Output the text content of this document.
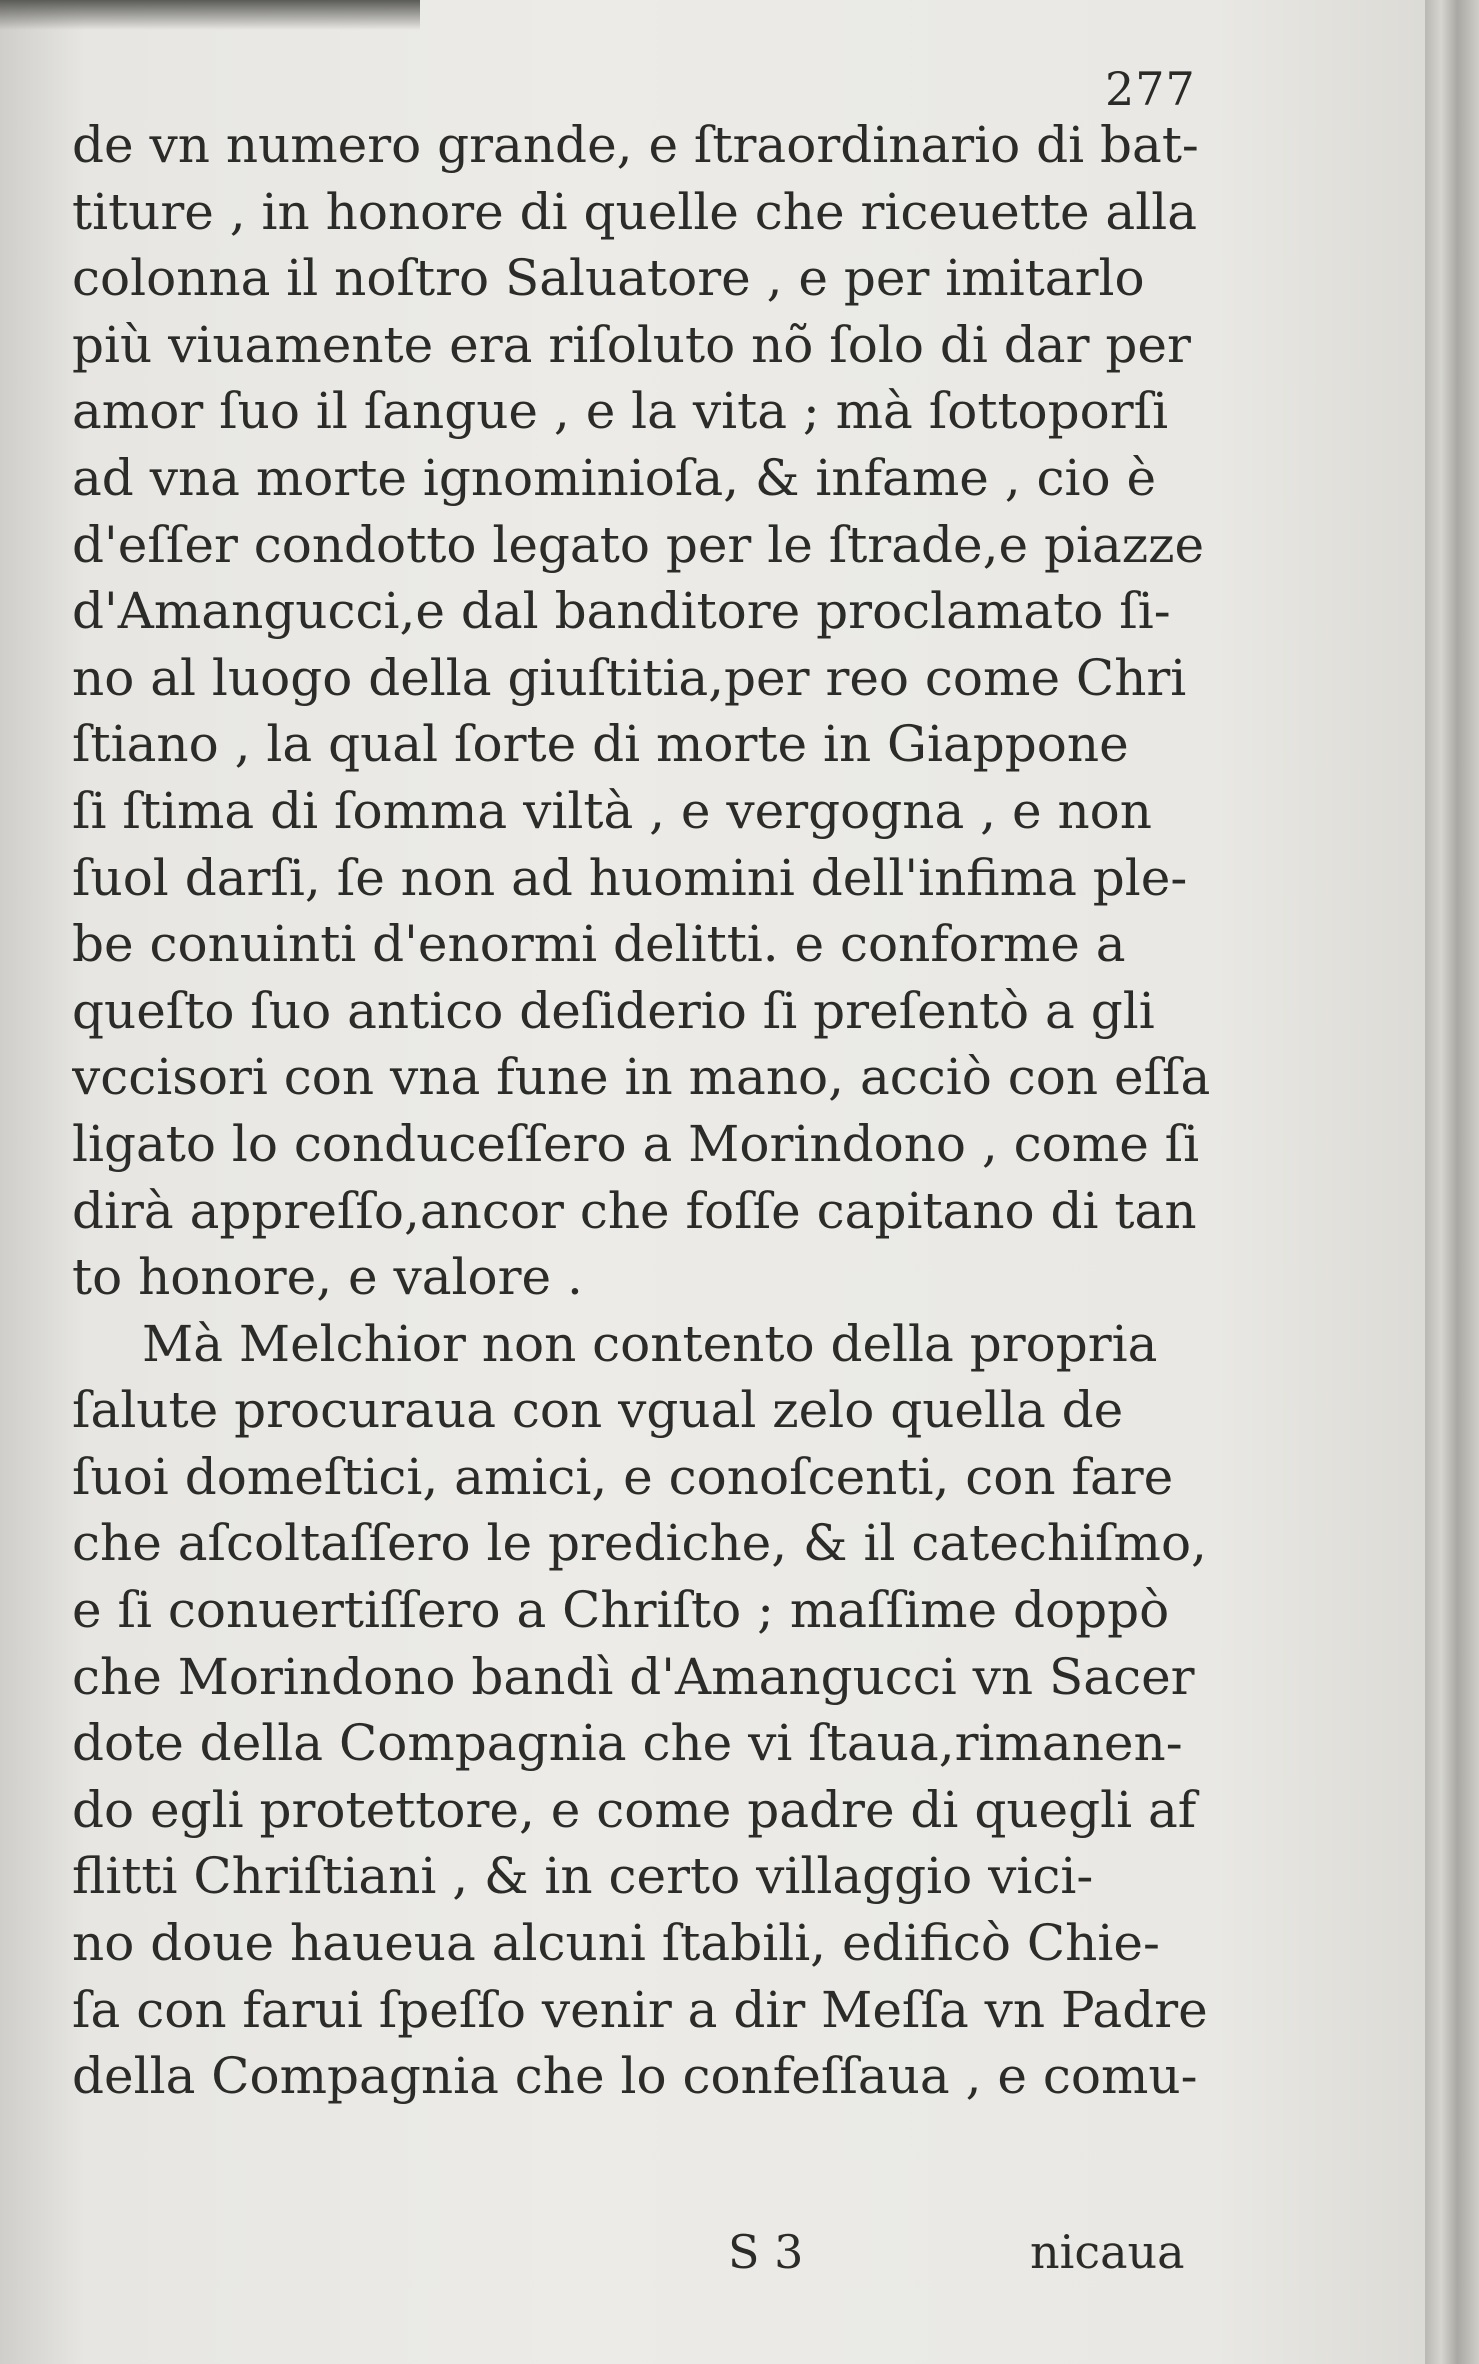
277
de vn numero grande, e ſtraordinario di bat-
titure , in honore di quelle che riceuette alla
colonna il noſtro Saluatore , e per imitarlo
più viuamente era riſoluto nõ ſolo di dar per
amor ſuo il ſangue , e la vita ; mà ſottoporſi
ad vna morte ignominioſa, & infame , cio è
d'eſſer condotto legato per le ſtrade,e piazze
d'Amangucci,e dal banditore proclamato ſi-
no al luogo della giuſtitia,per reo come Chri
ſtiano , la qual ſorte di morte in Giappone
ſi ſtima di ſomma viltà , e vergogna , e non
ſuol darſi, ſe non ad huomini dell'infima ple-
be conuinti d'enormi delitti. e conforme a
queſto ſuo antico deſiderio ſi preſentò a gli
vccisori con vna fune in mano, acciò con eſſa
ligato lo conduceſſero a Morindono , come ſi
dirà appreſſo,ancor che foſſe capitano di tan
to honore, e valore .
Mà Melchior non contento della propria
ſalute procuraua con vgual zelo quella de
ſuoi domeſtici, amici, e conoſcenti, con fare
che aſcoltaſſero le prediche, & il catechiſmo,
e ſi conuertiſſero a Chriſto ; maſſime doppò
che Morindono bandì d'Amangucci vn Sacer
dote della Compagnia che vi ſtaua,rimanen-
do egli protettore, e come padre di quegli af
flitti Chriſtiani , & in certo villaggio vici-
no doue haueua alcuni ſtabili, edificò Chie-
ſa con farui ſpeſſo venir a dir Meſſa vn Padre
della Compagnia che lo confeſſaua , e comu-
S 3	nicaua
